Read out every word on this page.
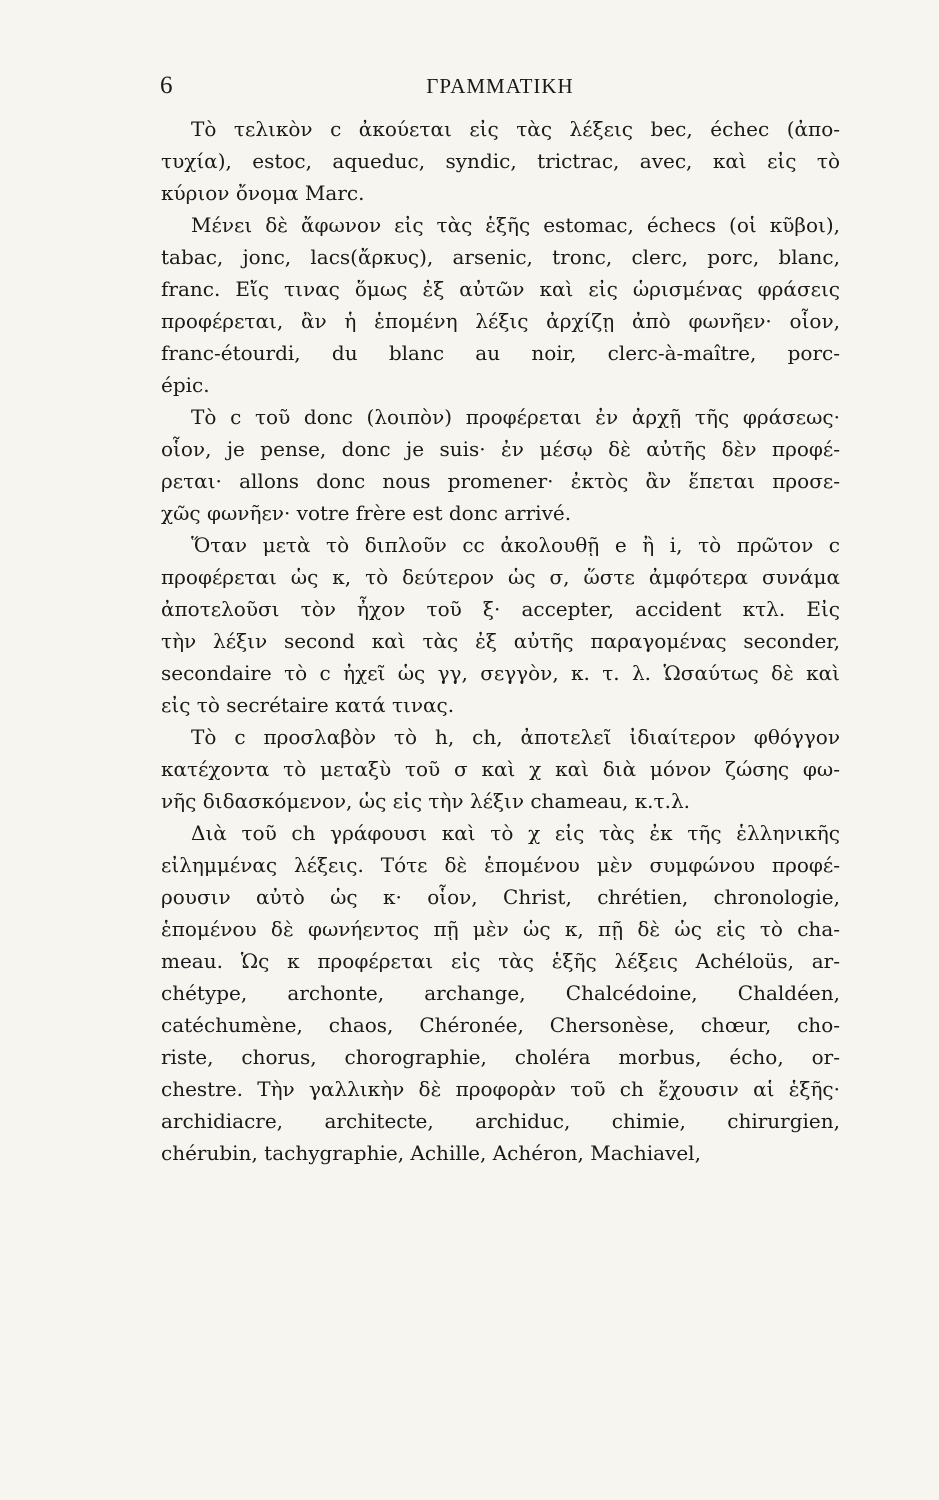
6	ΓΡΑΜΜΑΤΙΚΗ
Τὸ τελικὸν c ἀκούεται εἰς τὰς λέξεις bec, échec (ἀπο-
τυχία), estoc, aqueduc, syndic, trictrac, avec, καὶ εἰς τὸ
κύριον ὄνομα Marc.
Μένει δὲ ἄφωνον εἰς τὰς ἑξῆς estomac, échecs (οἱ κῦβοι),
tabac, jonc, lacs(ἄρκυς), arsenic, tronc, clerc, porc, blanc,
franc. Εἴς τινας ὅμως ἐξ αὐτῶν καὶ εἰς ὡρισμένας φράσεις
προφέρεται, ἂν ἡ ἑπομένη λέξις ἀρχίζῃ ἀπὸ φωνῆεν· οἷον,
franc-étourdi, du blanc au noir, clerc-à-maître, porc-
épic.
Τὸ c τοῦ donc (λοιπὸν) προφέρεται ἐν ἀρχῇ τῆς φράσεως·
οἷον, je pense, donc je suis· ἐν μέσῳ δὲ αὐτῆς δὲν προφέ-
ρεται· allons donc nous promener· ἐκτὸς ἂν ἕπεται προσε-
χῶς φωνῆεν· votre frère est donc arrivé.
Ὅταν μετὰ τὸ διπλοῦν cc ἀκολουθῇ e ἢ i, τὸ πρῶτον c
προφέρεται ὡς κ, τὸ δεύτερον ὡς σ, ὥστε ἀμφότερα συνάμα
ἀποτελοῦσι τὸν ἦχον τοῦ ξ· accepter, accident κτλ. Εἰς
τὴν λέξιν second καὶ τὰς ἐξ αὐτῆς παραγομένας seconder,
secondaire τὸ c ἠχεῖ ὡς γγ, σεγγὸν, κ. τ. λ. Ὡσαύτως δὲ καὶ
εἰς τὸ secrétaire κατά τινας.
Τὸ c προσλαβὸν τὸ h, ch, ἀποτελεῖ ἰδιαίτερον φθόγγον
κατέχοντα τὸ μεταξὺ τοῦ σ καὶ χ καὶ διὰ μόνον ζώσης φω-
νῆς διδασκόμενον, ὡς εἰς τὴν λέξιν chameau, κ.τ.λ.
Διὰ τοῦ ch γράφουσι καὶ τὸ χ εἰς τὰς ἐκ τῆς ἑλληνικῆς
εἰλημμένας λέξεις. Τότε δὲ ἑπομένου μὲν συμφώνου προφέ-
ρουσιν αὐτὸ ὡς κ· οἷον, Christ, chrétien, chronologie,
ἑπομένου δὲ φωνήεντος πῇ μὲν ὡς κ, πῇ δὲ ὡς εἰς τὸ cha-
meau. Ὡς κ προφέρεται εἰς τὰς ἑξῆς λέξεις Achéloüs, ar-
chétype, archonte, archange, Chalcédoine, Chaldéen,
catéchumène, chaos, Chéronée, Chersonèse, chœur, cho-
riste, chorus, chorographie, choléra morbus, écho, or-
chestre. Τὴν γαλλικὴν δὲ προφορὰν τοῦ ch ἔχουσιν αἱ ἑξῆς·
archidiacre, architecte, archiduc, chimie, chirurgien,
chérubin, tachygraphie, Achille, Achéron, Machiavel,
